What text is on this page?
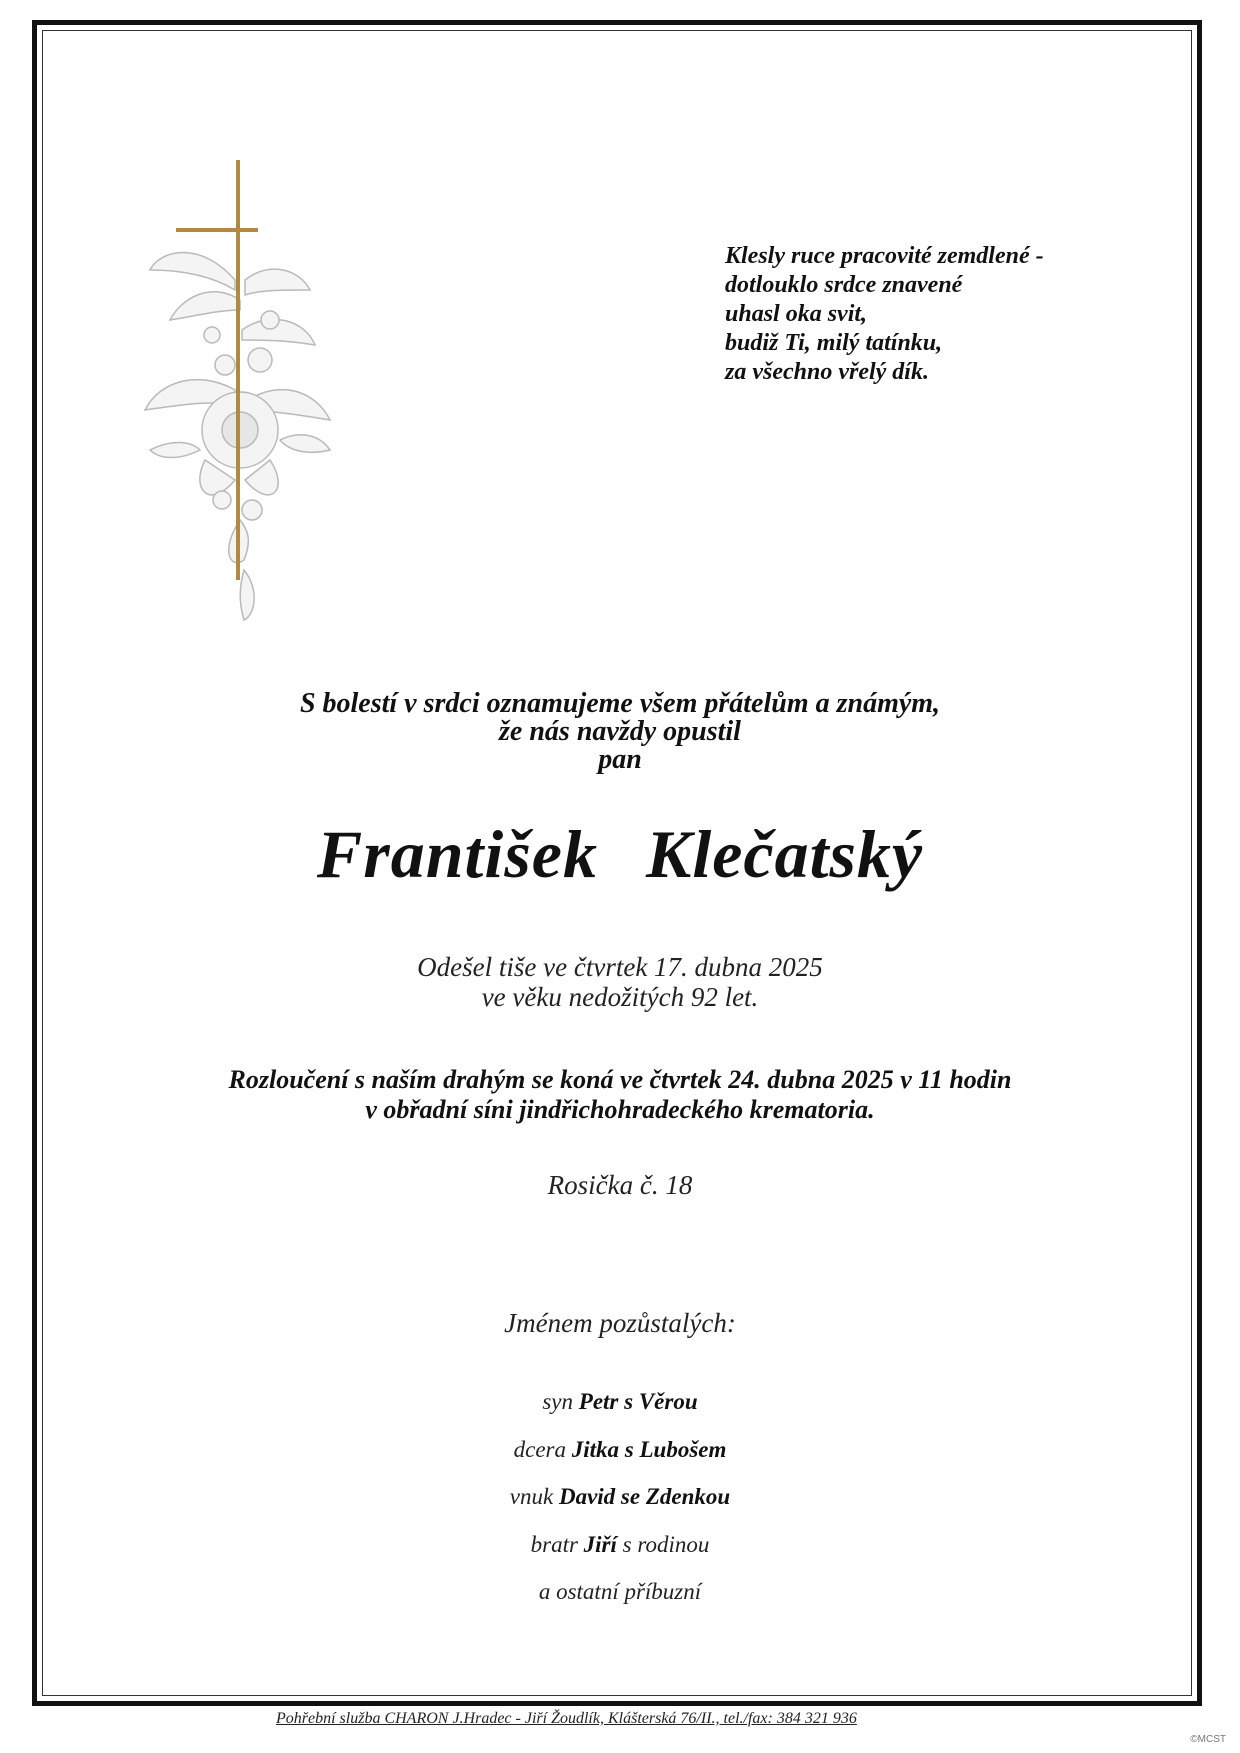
Klesly ruce pracovité zemdlené -
dotlouklo srdce znavené
uhasl oka svit,
budiž Ti, milý tatínku,
za všechno vřelý dík.
S bolestí v srdci oznamujeme všem přátelům a známým,
že nás navždy opustil
pan
František Klečatský
Odešel tiše ve čtvrtek 17. dubna 2025
ve věku nedožitých 92 let.
Rozloučení s naším drahým se koná ve čtvrtek 24. dubna 2025 v 11 hodin
v obřadní síni jindřichohradeckého krematoria.
Rosička č. 18
Jménem pozůstalých:
syn Petr s Věrou
dcera Jitka s Lubošem
vnuk David se Zdenkou
bratr Jiří s rodinou
a ostatní příbuzní
Pohřební služba CHARON J.Hradec - Jiří Žoudlík, Klášterská 76/II., tel./fax: 384 321 936
©MCST
